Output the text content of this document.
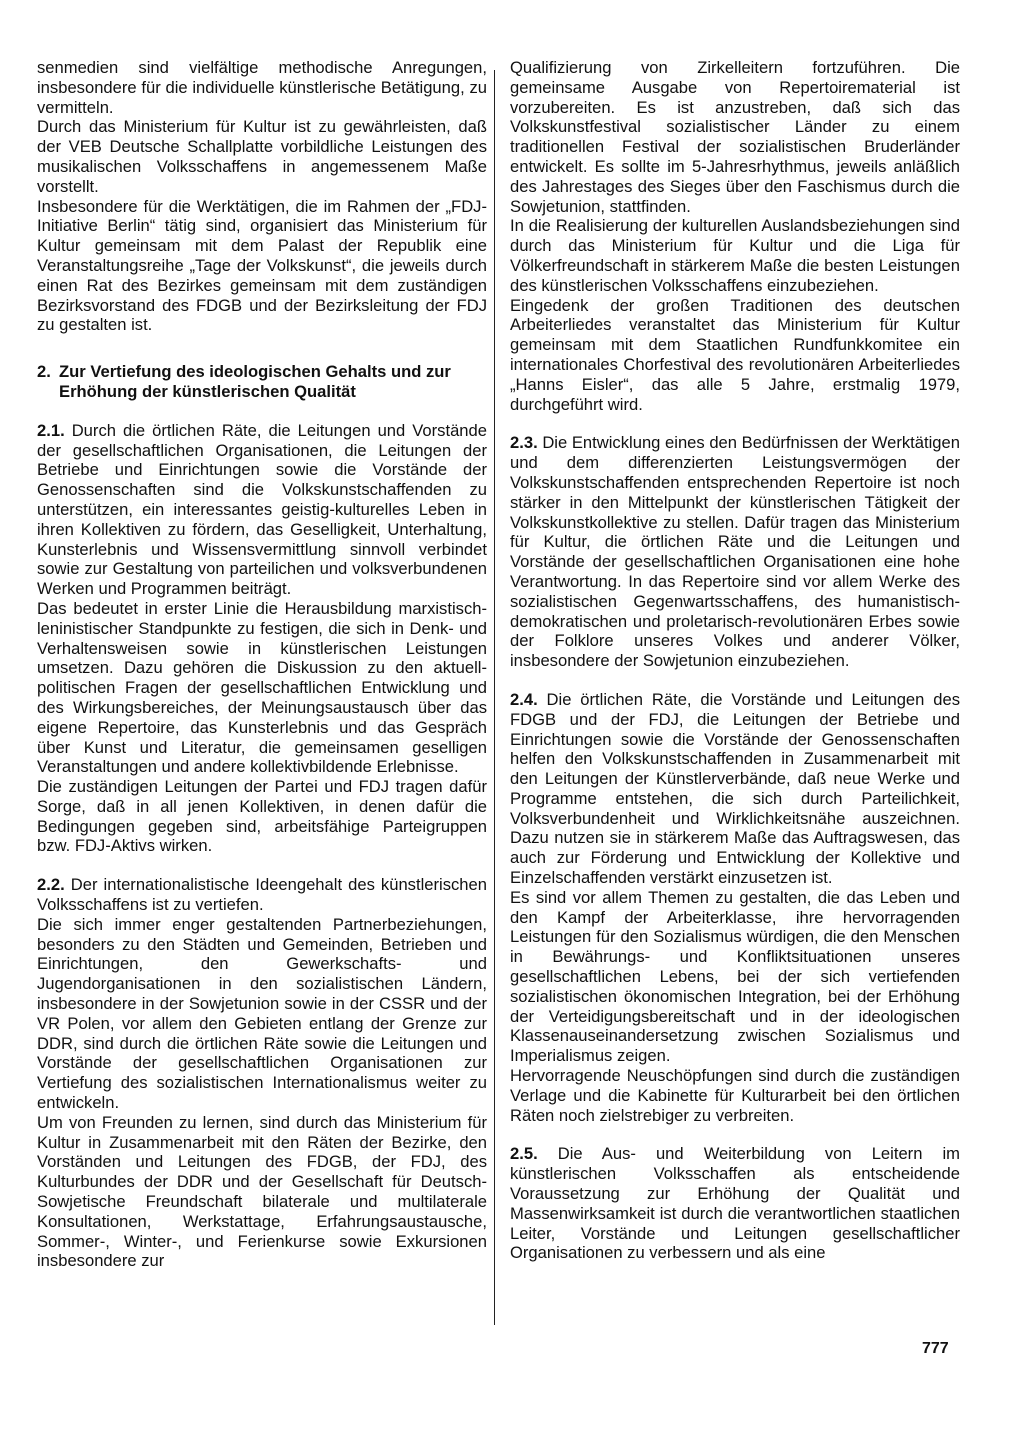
senmedien sind vielfältige methodische Anregungen, insbesondere für die individuelle künstlerische Betätigung, zu vermitteln.

Durch das Ministerium für Kultur ist zu gewährleisten, daß der VEB Deutsche Schallplatte vorbildliche Leistungen des musikalischen Volksschaffens in angemessenem Maße vorstellt.

Insbesondere für die Werktätigen, die im Rahmen der „FDJ-Initiative Berlin“ tätig sind, organisiert das Ministerium für Kultur gemeinsam mit dem Palast der Republik eine Veranstaltungsreihe „Tage der Volkskunst“, die jeweils durch einen Rat des Bezirkes gemeinsam mit dem zuständigen Bezirksvorstand des FDGB und der Bezirksleitung der FDJ zu gestalten ist.

2. Zur Vertiefung des ideologischen Gehalts und zur Erhöhung der künstlerischen Qualität

2.1. Durch die örtlichen Räte, die Leitungen und Vorstände der gesellschaftlichen Organisationen, die Leitungen der Betriebe und Einrichtungen sowie die Vorstände der Genossenschaften sind die Volkskunstschaffenden zu unterstützen, ein interessantes geistig-kulturelles Leben in ihren Kollektiven zu fördern, das Geselligkeit, Unterhaltung, Kunsterlebnis und Wissensvermittlung sinnvoll verbindet sowie zur Gestaltung von parteilichen und volksverbundenen Werken und Programmen beiträgt.

Das bedeutet in erster Linie die Herausbildung marxistisch-leninistischer Standpunkte zu festigen, die sich in Denk- und Verhaltensweisen sowie in künstlerischen Leistungen umsetzen. Dazu gehören die Diskussion zu den aktuell-politischen Fragen der gesellschaftlichen Entwicklung und des Wirkungsbereiches, der Meinungsaustausch über das eigene Repertoire, das Kunsterlebnis und das Gespräch über Kunst und Literatur, die gemeinsamen geselligen Veranstaltungen und andere kollektivbildende Erlebnisse.

Die zuständigen Leitungen der Partei und FDJ tragen dafür Sorge, daß in all jenen Kollektiven, in denen dafür die Bedingungen gegeben sind, arbeitsfähige Parteigruppen bzw. FDJ-Aktivs wirken.

2.2. Der internationalistische Ideengehalt des künstlerischen Volksschaffens ist zu vertiefen.

Die sich immer enger gestaltenden Partnerbeziehungen, besonders zu den Städten und Gemeinden, Betrieben und Einrichtungen, den Gewerkschafts- und Jugendorganisationen in den sozialistischen Ländern, insbesondere in der Sowjetunion sowie in der CSSR und der VR Polen, vor allem den Gebieten entlang der Grenze zur DDR, sind durch die örtlichen Räte sowie die Leitungen und Vorstände der gesellschaftlichen Organisationen zur Vertiefung des sozialistischen Internationalismus weiter zu entwickeln.

Um von Freunden zu lernen, sind durch das Ministerium für Kultur in Zusammenarbeit mit den Räten der Bezirke, den Vorständen und Leitungen des FDGB, der FDJ, des Kulturbundes der DDR und der Gesellschaft für Deutsch-Sowjetische Freundschaft bilaterale und multilaterale Konsultationen, Werkstattage, Erfahrungsaustausche, Sommer-, Winter-, und Ferienkurse sowie Exkursionen insbesondere zur

Qualifizierung von Zirkelleitern fortzuführen. Die gemeinsame Ausgabe von Repertoirematerial ist vorzubereiten. Es ist anzustreben, daß sich das Volkskunstfestival sozialistischer Länder zu einem traditionellen Festival der sozialistischen Bruderländer entwickelt. Es sollte im 5-Jahresrhythmus, jeweils anläßlich des Jahrestages des Sieges über den Faschismus durch die Sowjetunion, stattfinden.

In die Realisierung der kulturellen Auslandsbeziehungen sind durch das Ministerium für Kultur und die Liga für Völkerfreundschaft in stärkerem Maße die besten Leistungen des künstlerischen Volksschaffens einzubeziehen.

Eingedenk der großen Traditionen des deutschen Arbeiterliedes veranstaltet das Ministerium für Kultur gemeinsam mit dem Staatlichen Rundfunkkomitee ein internationales Chorfestival des revolutionären Arbeiterliedes „Hanns Eisler“, das alle 5 Jahre, erstmalig 1979, durchgeführt wird.

2.3. Die Entwicklung eines den Bedürfnissen der Werktätigen und dem differenzierten Leistungsvermögen der Volkskunstschaffenden entsprechenden Repertoire ist noch stärker in den Mittelpunkt der künstlerischen Tätigkeit der Volkskunstkollektive zu stellen. Dafür tragen das Ministerium für Kultur, die örtlichen Räte und die Leitungen und Vorstände der gesellschaftlichen Organisationen eine hohe Verantwortung. In das Repertoire sind vor allem Werke des sozialistischen Gegenwartsschaffens, des humanistisch-demokratischen und proletarisch-revolutionären Erbes sowie der Folklore unseres Volkes und anderer Völker, insbesondere der Sowjetunion einzubeziehen.

2.4. Die örtlichen Räte, die Vorstände und Leitungen des FDGB und der FDJ, die Leitungen der Betriebe und Einrichtungen sowie die Vorstände der Genossenschaften helfen den Volkskunstschaffenden in Zusammenarbeit mit den Leitungen der Künstlerverbände, daß neue Werke und Programme entstehen, die sich durch Parteilichkeit, Volksverbundenheit und Wirklichkeitsnähe auszeichnen. Dazu nutzen sie in stärkerem Maße das Auftragswesen, das auch zur Förderung und Entwicklung der Kollektive und Einzelschaffenden verstärkt einzusetzen ist.

Es sind vor allem Themen zu gestalten, die das Leben und den Kampf der Arbeiterklasse, ihre hervorragenden Leistungen für den Sozialismus würdigen, die den Menschen in Bewährungs- und Konfliktsituationen unseres gesellschaftlichen Lebens, bei der sich vertiefenden sozialistischen ökonomischen Integration, bei der Erhöhung der Verteidigungsbereitschaft und in der ideologischen Klassenauseinandersetzung zwischen Sozialismus und Imperialismus zeigen.

Hervorragende Neuschöpfungen sind durch die zuständigen Verlage und die Kabinette für Kulturarbeit bei den örtlichen Räten noch zielstrebiger zu verbreiten.

2.5. Die Aus- und Weiterbildung von Leitern im künstlerischen Volksschaffen als entscheidende Voraussetzung zur Erhöhung der Qualität und Massenwirksamkeit ist durch die verantwortlichen staatlichen Leiter, Vorstände und Leitungen gesellschaftlicher Organisationen zu verbessern und als eine

777
